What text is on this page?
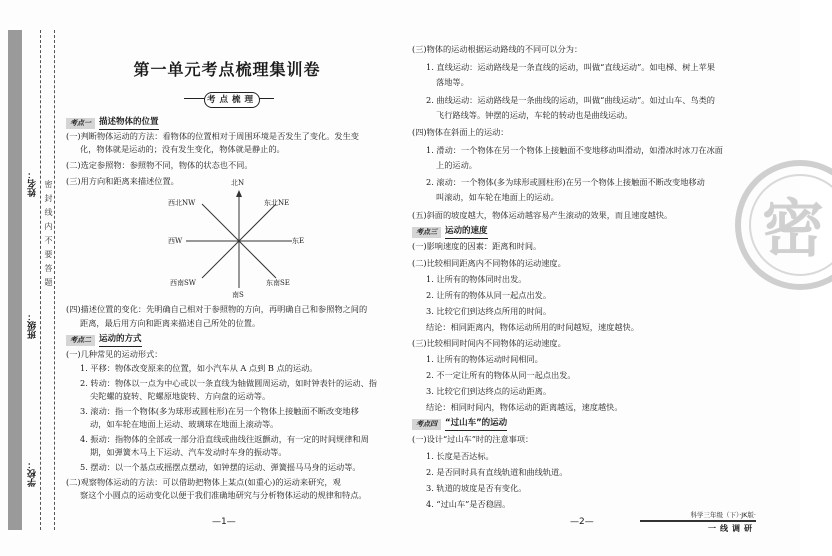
姓名：
班级：
学校：
密封线内不要答题
第一单元考点梳理集训卷
考点梳理
考点一 描述物体的位置
(一)判断物体运动的方法：看物体的位置相对于周围环境是否发生了变化。发生变
化，物体就是运动的；没有发生变化，物体就是静止的。
(二)选定参照物：参照物不同，物体的状态也不同。
(三)用方向和距离来描述位置。	北N
东北NE
东E
东南SE
南S
西南SW
西W
西北NW
(四)描述位置的变化：先明确自己相对于参照物的方向，再明确自己和参照物之间的
距离，最后用方向和距离来描述自己所处的位置。
考点二 运动的方式
(一)几种常见的运动形式：
1. 平移：物体改变原来的位置，如小汽车从 A 点到 B 点的运动。
2. 转动：物体以一点为中心或以一条直线为轴做圆周运动，如时钟表针的运动、指
尖陀螺的旋转、陀螺原地旋转、方向盘的运动等。
3. 滚动：指一个物体(多为球形或圆柱形)在另一个物体上接触面不断改变地移
动，如车轮在地面上运动、玻璃球在地面上滚动等。
4. 振动：指物体的全部或一部分沿直线或曲线往返颤动，有一定的时间规律和周
期，如弹簧木马上下运动、汽车发动时车身的振动等。
5. 摆动：以一个基点或摇摆点摆动，如钟摆的运动、弹簧摇马马身的运动等。
(二)观察物体运动的方法：可以借助把物体上某点(如重心)的运动来研究，观
察这个小圆点的运动变化以便于我们准确地研究与分析物体运动的规律和特点。
—1—
(三)物体的运动根据运动路线的不同可以分为：
1. 直线运动：运动路线是一条直线的运动，叫做“直线运动”。如电梯、树上苹果
落地等。
2. 曲线运动：运动路线是一条曲线的运动，叫做“曲线运动”。如过山车、鸟类的
飞行路线等。钟摆的运动，车轮的转动也是曲线运动。
(四)物体在斜面上的运动：
1. 滑动：一个物体在另一个物体上接触面不变地移动叫滑动，如滑冰时冰刀在冰面
上的运动。
2. 滚动：一个物体(多为球形或圆柱形)在另一个物体上接触面不断改变地移动
叫滚动，如车轮在地面上的运动。
(五)斜面的坡度越大，物体运动越容易产生滚动的效果，而且速度越快。
考点三 运动的速度
(一)影响速度的因素：距离和时间。
(二)比较相同距离内不同物体的运动速度。
1. 让所有的物体同时出发。
2. 让所有的物体从同一起点出发。
3. 比较它们到达终点所用的时间。
结论：相同距离内，物体运动所用的时间越短，速度越快。
(三)比较相同时间内不同物体的运动速度。
1. 让所有的物体运动时间相同。
2. 不一定让所有的物体从同一起点出发。
3. 比较它们到达终点的运动距离。
结论：相同时间内，物体运动的距离越远，速度越快。
考点四 “过山车”的运动
(一)设计“过山车”时的注意事项：
1. 长度是否达标。
2. 是否同时具有直线轨道和曲线轨道。
3. 轨道的坡度是否有变化。
4. “过山车”是否稳固。
—2—
科学三年级（下）·JK版·
一线调研
密
